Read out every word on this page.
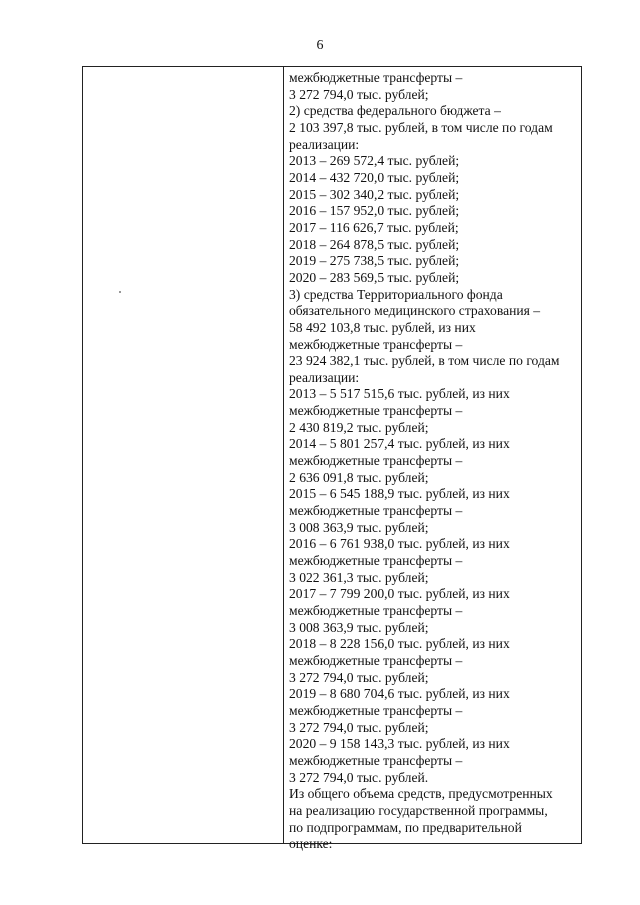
6
межбюджетные трансферты –
3 272 794,0 тыс. рублей;
2) средства федерального бюджета –
2 103 397,8 тыс. рублей, в том числе по годам
реализации:
2013 – 269 572,4 тыс. рублей;
2014 – 432 720,0 тыс. рублей;
2015 – 302 340,2 тыс. рублей;
2016 – 157 952,0 тыс. рублей;
2017 – 116 626,7 тыс. рублей;
2018 – 264 878,5 тыс. рублей;
2019 – 275 738,5 тыс. рублей;
2020 – 283 569,5 тыс. рублей;
3) средства Территориального фонда
обязательного медицинского страхования –
58 492 103,8 тыс. рублей, из них
межбюджетные трансферты –
23 924 382,1 тыс. рублей, в том числе по годам
реализации:
2013 – 5 517 515,6 тыс. рублей, из них
межбюджетные трансферты –
2 430 819,2 тыс. рублей;
2014 – 5 801 257,4 тыс. рублей, из них
межбюджетные трансферты –
2 636 091,8 тыс. рублей;
2015 – 6 545 188,9 тыс. рублей, из них
межбюджетные трансферты –
3 008 363,9 тыс. рублей;
2016 – 6 761 938,0 тыс. рублей, из них
межбюджетные трансферты –
3 022 361,3 тыс. рублей;
2017 – 7 799 200,0 тыс. рублей, из них
межбюджетные трансферты –
3 008 363,9 тыс. рублей;
2018 – 8 228 156,0 тыс. рублей, из них
межбюджетные трансферты –
3 272 794,0 тыс. рублей;
2019 – 8 680 704,6 тыс. рублей, из них
межбюджетные трансферты –
3 272 794,0 тыс. рублей;
2020 – 9 158 143,3 тыс. рублей, из них
межбюджетные трансферты –
3 272 794,0 тыс. рублей.
Из общего объема средств, предусмотренных
на реализацию государственной программы,
по подпрограммам, по предварительной
оценке:
